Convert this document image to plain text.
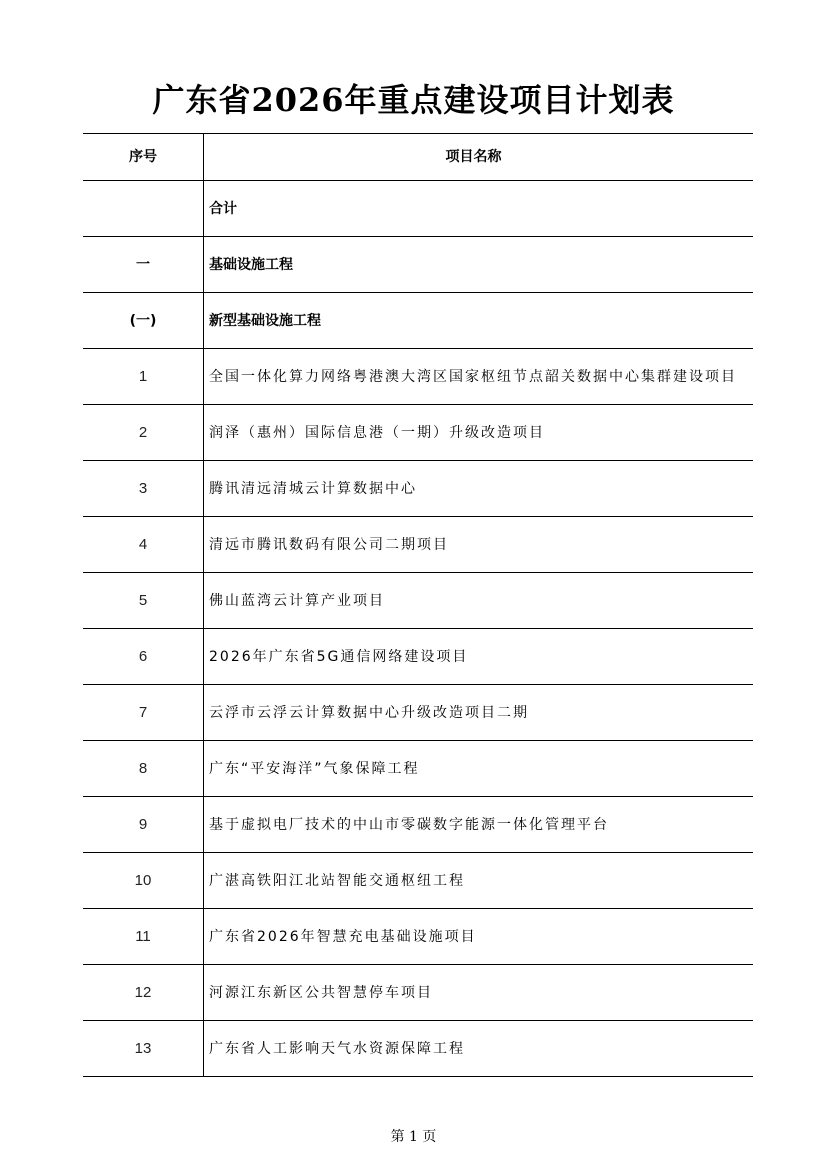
广东省2026年重点建设项目计划表
序号	项目名称
	合计
一	基础设施工程
(一)	新型基础设施工程
1	全国一体化算力网络粤港澳大湾区国家枢纽节点韶关数据中心集群建设项目
2	润泽（惠州）国际信息港（一期）升级改造项目
3	腾讯清远清城云计算数据中心
4	清远市腾讯数码有限公司二期项目
5	佛山蓝湾云计算产业项目
6	2026年广东省5G通信网络建设项目
7	云浮市云浮云计算数据中心升级改造项目二期
8	广东“平安海洋”气象保障工程
9	基于虚拟电厂技术的中山市零碳数字能源一体化管理平台
10	广湛高铁阳江北站智能交通枢纽工程
11	广东省2026年智慧充电基础设施项目
12	河源江东新区公共智慧停车项目
13	广东省人工影响天气水资源保障工程
第 1 页
